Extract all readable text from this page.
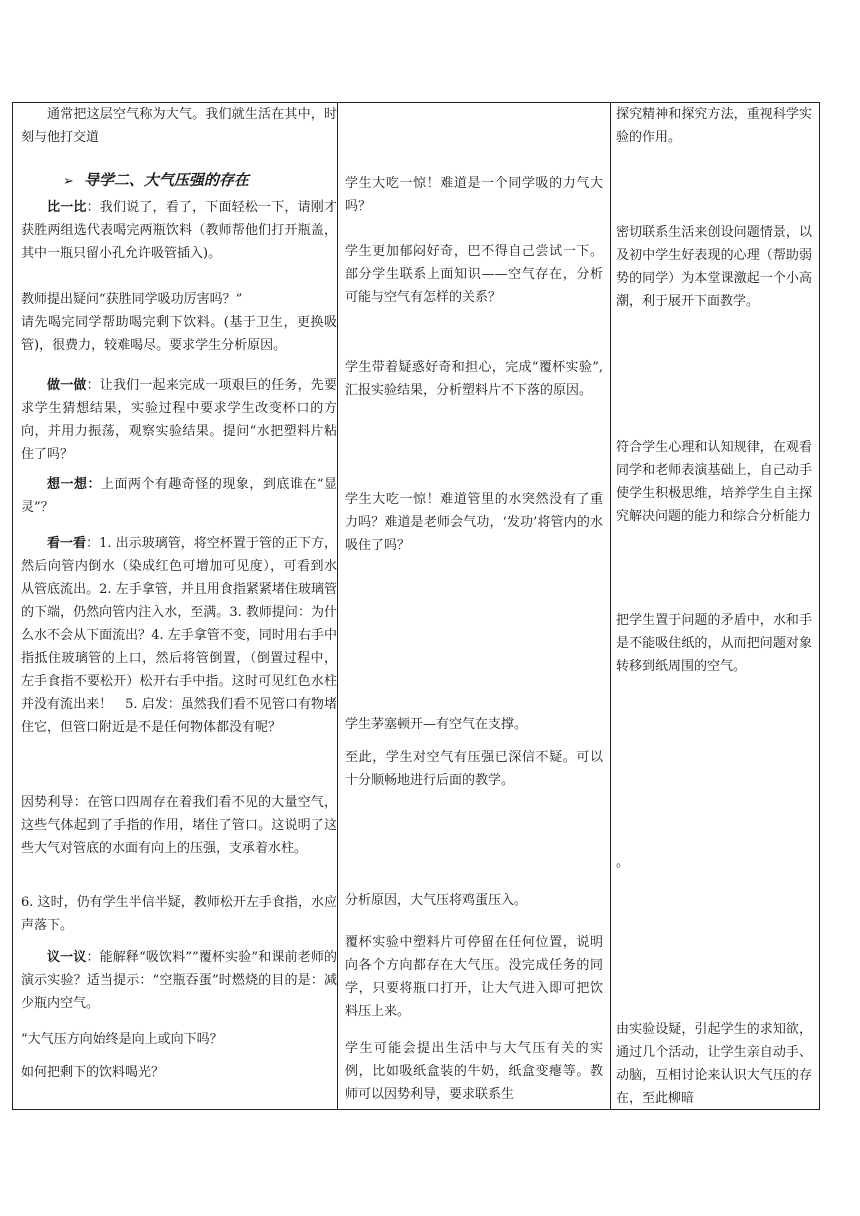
通常把这层空气称为大气。我们就生活在其中，时刻与他打交道

➢ 导学二、大气压强的存在

比一比：我们说了，看了，下面轻松一下，请刚才获胜两组选代表喝完两瓶饮料（教师帮他们打开瓶盖，其中一瓶只留小孔允许吸管插入)。

教师提出疑问“获胜同学吸功厉害吗？”

请先喝完同学帮助喝完剩下饮料。(基于卫生，更换吸管)，很费力，较难喝尽。要求学生分析原因。

做一做：让我们一起来完成一项艰巨的任务，先要求学生猜想结果，实验过程中要求学生改变杯口的方向，并用力振荡，观察实验结果。提问“水把塑料片粘住了吗？

想一想：上面两个有趣奇怪的现象，到底谁在“显灵”？

看一看：1. 出示玻璃管，将空杯置于管的正下方，然后向管内倒水（染成红色可增加可见度），可看到水从管底流出。2. 左手拿管，并且用食指紧紧堵住玻璃管的下端，仍然向管内注入水，至满。3. 教师提问：为什么水不会从下面流出？4. 左手拿管不变，同时用右手中指抵住玻璃管的上口，然后将管倒置，（倒置过程中，左手食指不要松开）松开右手中指。这时可见红色水柱并没有流出来！　5. 启发：虽然我们看不见管口有物堵住它，但管口附近是不是任何物体都没有呢？

因势利导：在管口四周存在着我们看不见的大量空气，这些气体起到了手指的作用，堵住了管口。这说明了这些大气对管底的水面有向上的压强，支承着水柱。

6. 这时，仍有学生半信半疑，教师松开左手食指，水应声落下。

议一议：能解释“吸饮料””覆杯实验”和课前老师的演示实验？适当提示：“空瓶吞蛋”时燃烧的目的是：减少瓶内空气。

“大气压方向始终是向上或向下吗？

如何把剩下的饮料喝光？

学生大吃一惊！难道是一个同学吸的力气大吗？

学生更加郁闷好奇，巴不得自己尝试一下。部分学生联系上面知识——空气存在，分析可能与空气有怎样的关系？

学生带着疑惑好奇和担心，完成“覆杯实验”,汇报实验结果，分析塑料片不下落的原因。

学生大吃一惊！难道管里的水突然没有了重力吗？难道是老师会气功，‘发功’将管内的水吸住了吗？

学生茅塞顿开—有空气在支撑。

至此，学生对空气有压强已深信不疑。可以十分顺畅地进行后面的教学。

分析原因，大气压将鸡蛋压入。

覆杯实验中塑料片可停留在任何位置，说明向各个方向都存在大气压。没完成任务的同学，只要将瓶口打开，让大气进入即可把饮料压上来。

学生可能会提出生活中与大气压有关的实例，比如吸纸盒装的牛奶，纸盒变瘪等。教师可以因势利导，要求联系生

探究精神和探究方法，重视科学实验的作用。

密切联系生活来创设问题情景，以及初中学生好表现的心理（帮助弱势的同学）为本堂课激起一个小高潮，利于展开下面教学。

符合学生心理和认知规律，在观看同学和老师表演基础上，自己动手使学生积极思维，培养学生自主探究解决问题的能力和综合分析能力

把学生置于问题的矛盾中，水和手是不能吸住纸的，从而把问题对象转移到纸周围的空气。

。

由实验设疑，引起学生的求知欲，通过几个活动，让学生亲自动手、动脑，互相讨论来认识大气压的存在，至此柳暗
